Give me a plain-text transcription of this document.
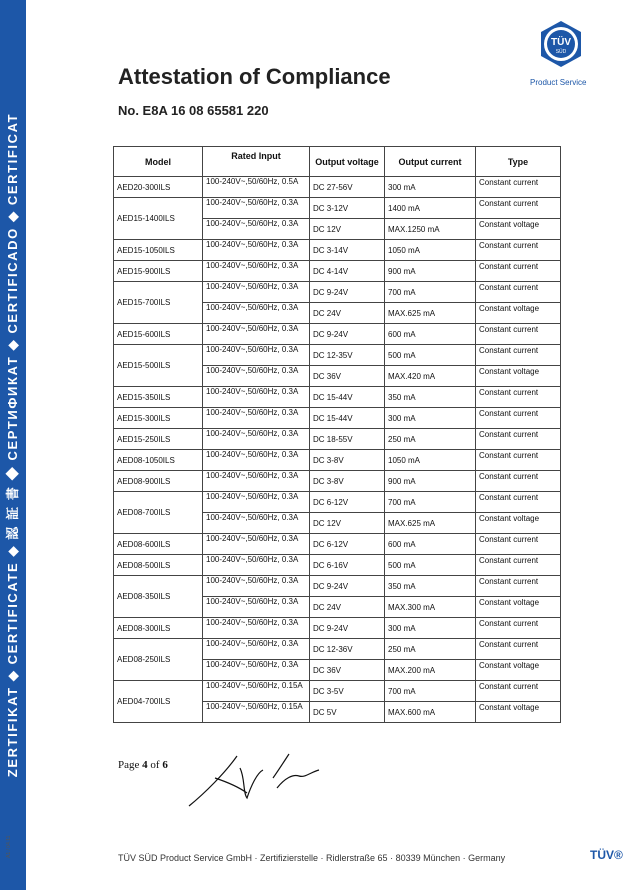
ZERTIFIKAT ◆ CERTIFICATE ◆ 認 証 書 ◆ СЕРТИФИКАТ ◆ CERTIFICADO ◆ CERTIFICAT
A1 / 04.11
Attestation of Compliance
No. E8A 16 08 65581 220
TÜV
SÜD
Product Service
Model	Rated Input	Output voltage	Output current	Type
AED20-300ILS	100-240V~,50/60Hz, 0.5A	DC 27-56V	300 mA	Constant current
AED15-1400ILS	100-240V~,50/60Hz, 0.3A	DC 3-12V	1400 mA	Constant current
	100-240V~,50/60Hz, 0.3A	DC 12V	MAX.1250 mA	Constant voltage
AED15-1050ILS	100-240V~,50/60Hz, 0.3A	DC 3-14V	1050 mA	Constant current
AED15-900ILS	100-240V~,50/60Hz, 0.3A	DC 4-14V	900 mA	Constant current
AED15-700ILS	100-240V~,50/60Hz, 0.3A	DC 9-24V	700 mA	Constant current
	100-240V~,50/60Hz, 0.3A	DC 24V	MAX.625 mA	Constant voltage
AED15-600ILS	100-240V~,50/60Hz, 0.3A	DC 9-24V	600 mA	Constant current
AED15-500ILS	100-240V~,50/60Hz, 0.3A	DC 12-35V	500 mA	Constant current
	100-240V~,50/60Hz, 0.3A	DC 36V	MAX.420 mA	Constant voltage
AED15-350ILS	100-240V~,50/60Hz, 0.3A	DC 15-44V	350 mA	Constant current
AED15-300ILS	100-240V~,50/60Hz, 0.3A	DC 15-44V	300 mA	Constant current
AED15-250ILS	100-240V~,50/60Hz, 0.3A	DC 18-55V	250 mA	Constant current
AED08-1050ILS	100-240V~,50/60Hz, 0.3A	DC 3-8V	1050 mA	Constant current
AED08-900ILS	100-240V~,50/60Hz, 0.3A	DC 3-8V	900 mA	Constant current
AED08-700ILS	100-240V~,50/60Hz, 0.3A	DC 6-12V	700 mA	Constant current
	100-240V~,50/60Hz, 0.3A	DC 12V	MAX.625 mA	Constant voltage
AED08-600ILS	100-240V~,50/60Hz, 0.3A	DC 6-12V	600 mA	Constant current
AED08-500ILS	100-240V~,50/60Hz, 0.3A	DC 6-16V	500 mA	Constant current
AED08-350ILS	100-240V~,50/60Hz, 0.3A	DC 9-24V	350 mA	Constant current
	100-240V~,50/60Hz, 0.3A	DC 24V	MAX.300 mA	Constant voltage
AED08-300ILS	100-240V~,50/60Hz, 0.3A	DC 9-24V	300 mA	Constant current
AED08-250ILS	100-240V~,50/60Hz, 0.3A	DC 12-36V	250 mA	Constant current
	100-240V~,50/60Hz, 0.3A	DC 36V	MAX.200 mA	Constant voltage
AED04-700ILS	100-240V~,50/60Hz, 0.15A	DC 3-5V	700 mA	Constant current
	100-240V~,50/60Hz, 0.15A	DC 5V	MAX.600 mA	Constant voltage
Page 4 of 6
TÜV SÜD Product Service GmbH · Zertifizierstelle · Ridlerstraße 65 · 80339 München · Germany	TÜV®
